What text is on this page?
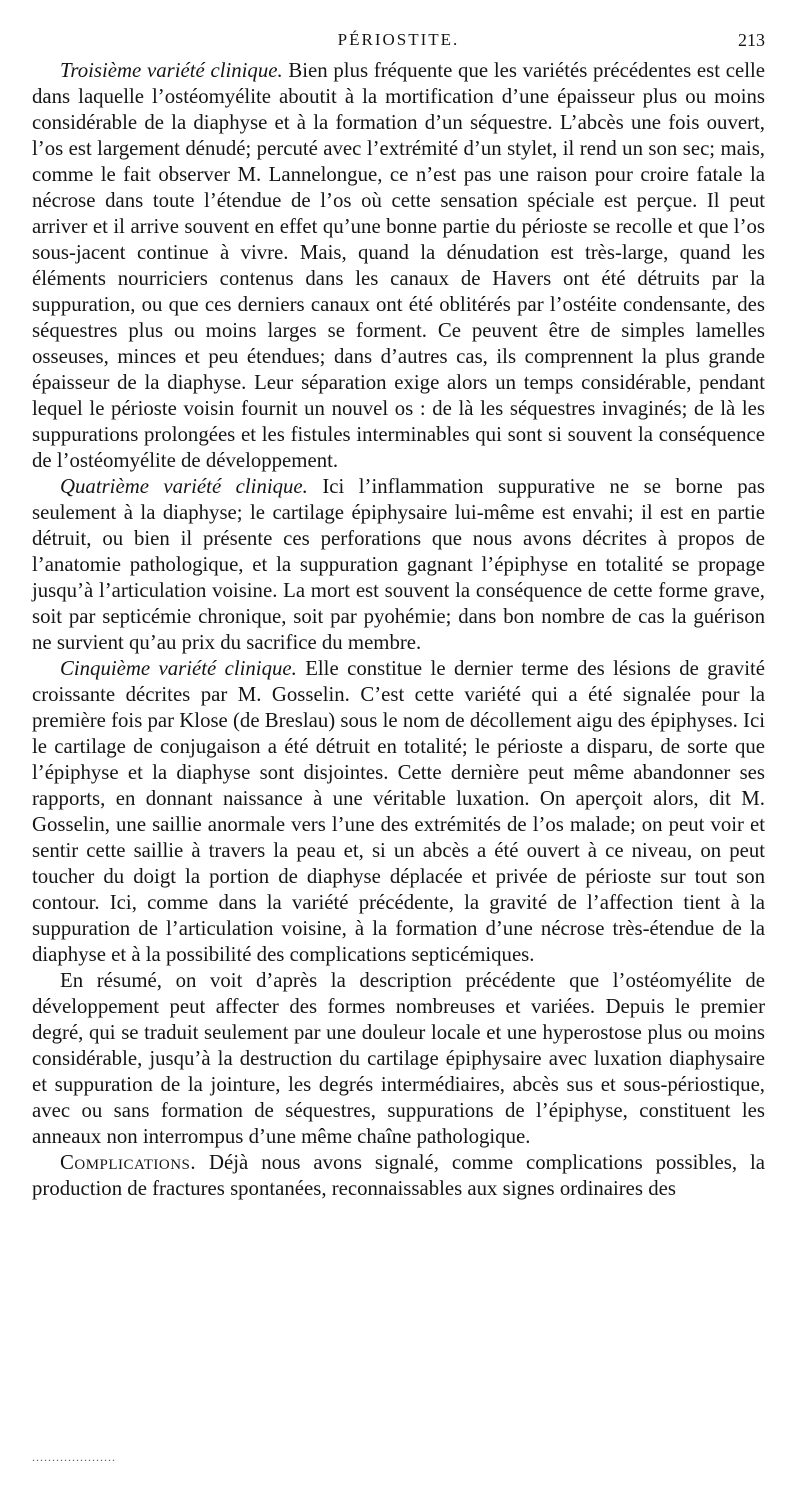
PÉRIOSTITE.	213

Troisième variété clinique. Bien plus fréquente que les variétés précédentes est celle dans laquelle l’ostéomyélite aboutit à la mortification d’une épaisseur plus ou moins considérable de la diaphyse et à la formation d’un séquestre. L’abcès une fois ouvert, l’os est largement dénudé; percuté avec l’extrémité d’un stylet, il rend un son sec; mais, comme le fait observer M. Lannelongue, ce n’est pas une raison pour croire fatale la nécrose dans toute l’étendue de l’os où cette sensation spéciale est perçue. Il peut arriver et il arrive souvent en effet qu’une bonne partie du périoste se recolle et que l’os sous-jacent continue à vivre. Mais, quand la dénudation est très-large, quand les éléments nourriciers contenus dans les canaux de Havers ont été détruits par la suppuration, ou que ces derniers canaux ont été oblitérés par l’ostéite condensante, des séquestres plus ou moins larges se forment. Ce peuvent être de simples lamelles osseuses, minces et peu étendues; dans d’autres cas, ils comprennent la plus grande épaisseur de la diaphyse. Leur séparation exige alors un temps considérable, pendant lequel le périoste voisin fournit un nouvel os : de là les séquestres invaginés; de là les suppurations prolongées et les fistules interminables qui sont si souvent la conséquence de l’ostéomyélite de développement.

Quatrième variété clinique. Ici l’inflammation suppurative ne se borne pas seulement à la diaphyse; le cartilage épiphysaire lui-même est envahi; il est en partie détruit, ou bien il présente ces perforations que nous avons décrites à propos de l’anatomie pathologique, et la suppuration gagnant l’épiphyse en totalité se propage jusqu’à l’articulation voisine. La mort est souvent la conséquence de cette forme grave, soit par septicémie chronique, soit par pyohémie; dans bon nombre de cas la guérison ne survient qu’au prix du sacrifice du membre.

Cinquième variété clinique. Elle constitue le dernier terme des lésions de gravité croissante décrites par M. Gosselin. C’est cette variété qui a été signalée pour la première fois par Klose (de Breslau) sous le nom de décollement aigu des épiphyses. Ici le cartilage de conjugaison a été détruit en totalité; le périoste a disparu, de sorte que l’épiphyse et la diaphyse sont disjointes. Cette dernière peut même abandonner ses rapports, en donnant naissance à une véritable luxation. On aperçoit alors, dit M. Gosselin, une saillie anormale vers l’une des extrémités de l’os malade; on peut voir et sentir cette saillie à travers la peau et, si un abcès a été ouvert à ce niveau, on peut toucher du doigt la portion de diaphyse déplacée et privée de périoste sur tout son contour. Ici, comme dans la variété précédente, la gravité de l’affection tient à la suppuration de l’articulation voisine, à la formation d’une nécrose très-étendue de la diaphyse et à la possibilité des complications septicémiques.

En résumé, on voit d’après la description précédente que l’ostéomyélite de développement peut affecter des formes nombreuses et variées. Depuis le premier degré, qui se traduit seulement par une douleur locale et une hyperostose plus ou moins considérable, jusqu’à la destruction du cartilage épiphysaire avec luxation diaphysaire et suppuration de la jointure, les degrés intermédiaires, abcès sus et sous-périostique, avec ou sans formation de séquestres, suppurations de l’épiphyse, constituent les anneaux non interrompus d’une même chaîne pathologique.

Complications. Déjà nous avons signalé, comme complications possibles, la production de fractures spontanées, reconnaissables aux signes ordinaires des

.....................
